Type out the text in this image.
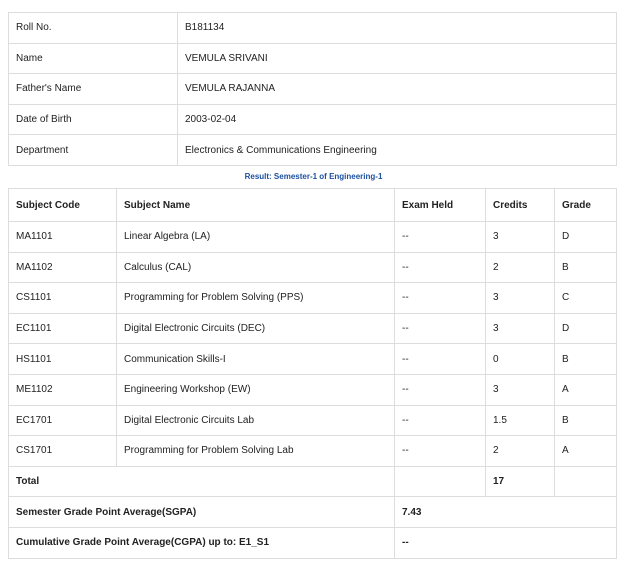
Roll No.	B181134
Name	VEMULA SRIVANI
Father's Name	VEMULA RAJANNA
Date of Birth	2003-02-04
Department	Electronics & Communications Engineering
Result: Semester-1 of Engineering-1
Subject Code	Subject Name	Exam Held	Credits	Grade
MA1101	Linear Algebra (LA)	--	3	D
MA1102	Calculus (CAL)	--	2	B
CS1101	Programming for Problem Solving (PPS)	--	3	C
EC1101	Digital Electronic Circuits (DEC)	--	3	D
HS1101	Communication Skills-I	--	0	B
ME1102	Engineering Workshop (EW)	--	3	A
EC1701	Digital Electronic Circuits Lab	--	1.5	B
CS1701	Programming for Problem Solving Lab	--	2	A
Total			17	
Semester Grade Point Average(SGPA)		7.43		
Cumulative Grade Point Average(CGPA) up to: E1_S1		--		
